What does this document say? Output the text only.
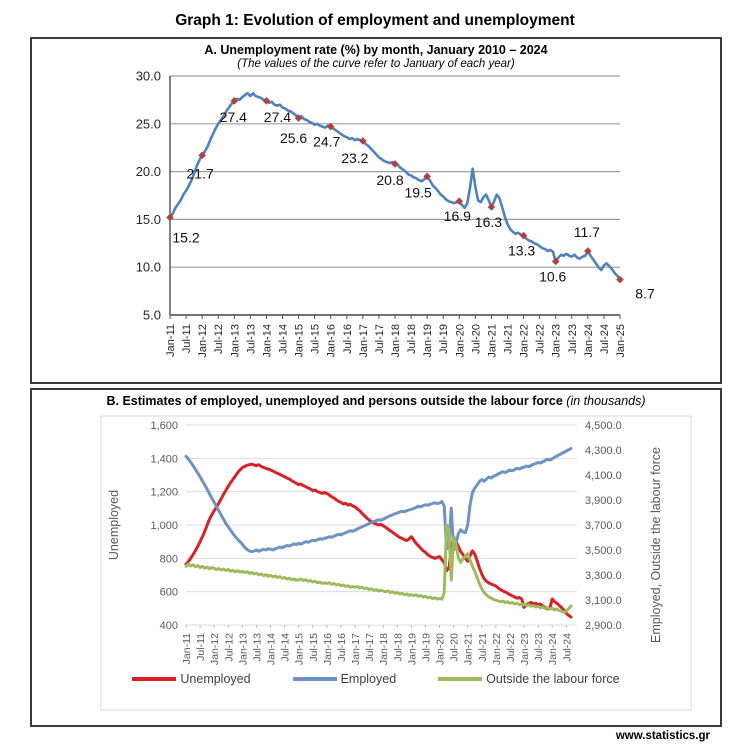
Graph 1: Evolution of employment and unemployment
A. Unemployment rate (%) by month, January 2010 – 2024
(The values of the curve refer to January of each year)
30.0
25.0
20.0
15.0
10.0
5.0
Jan-11 Jul-11 Jan-12 Jul-12 Jan-13 Jul-13 Jan-14 Jul-14 Jan-15 Jul-15 Jan-16 Jul-16 Jan-17 Jul-17 Jan-18 Jul-18 Jan-19 Jul-19 Jan-20 Jul-20 Jan-21 Jul-21 Jan-22 Jul-22 Jan-23 Jul-23 Jan-24 Jul-24 Jan-25
15.2
21.7
27.4 27.4
25.6 24.7
23.2
20.8
19.5
16.9 16.3
13.3
10.6
11.7
8.7
B. Estimates of employed, unemployed and persons outside the labour force (in thousands)
1,600
1,400
1,200
1,000
800
600
400
4,500.0
4,300.0
4,100.0
3,900.0
3,700.0
3,500.0
3,300.0
3,100.0
2,900.0
Unemployed	Employed, Outside the labour force
Jan-11 Jul-11 Jan-12 Jul-12 Jan-13 Jul-13 Jan-14 Jul-14 Jan-15 Jul-15 Jan-16 Jul-16 Jan-17 Jul-17 Jan-18 Jul-18 Jan-19 Jul-19 Jan-20 Jul-20 Jan-21 Jul-21 Jan-22 Jul-22 Jan-23 Jul-23 Jan-24 Jul-24
Unemployed	Employed	Outside the labour force
www.statistics.gr
